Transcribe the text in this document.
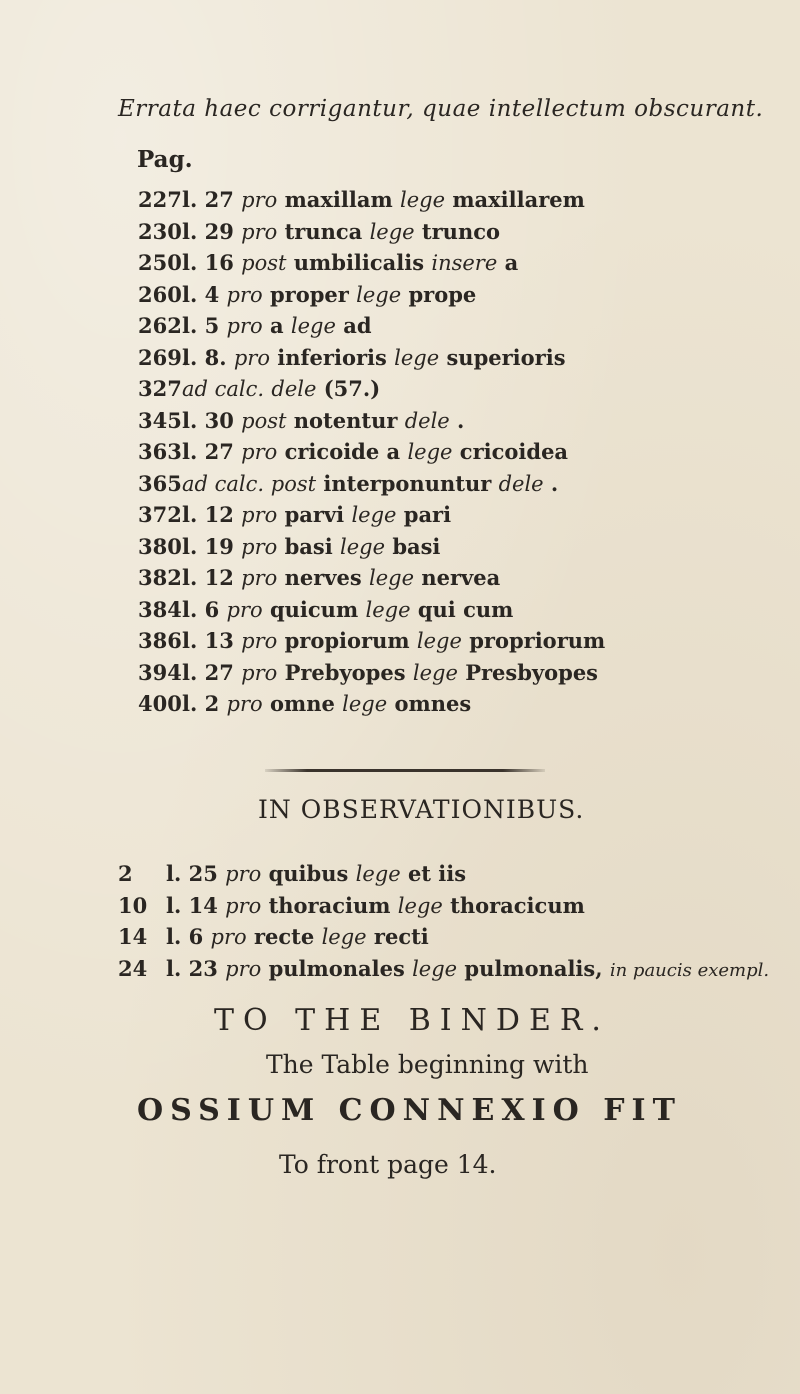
Errata haec corrigantur, quae intellectum obscurant.
Pag.
227l. 27 pro maxillam lege maxillarem
230l. 29 pro trunca lege trunco
250l. 16 post umbilicalis insere a
260l. 4 pro proper lege prope
262l. 5 pro a lege ad
269.l. 8. pro inferioris lege superioris
327ad calc. dele (57.)
345l. 30 post notentur dele .
363l. 27 pro cricoide a lege cricoidea
365ad calc. post interponuntur dele .
372l. 12 pro parvi lege pari
380l. 19 pro basi lege basi
382l. 12 pro nerves lege nervea
384l. 6 pro quicum lege qui cum
386l. 13 pro propiorum lege propriorum
394l. 27 pro Prebyopes lege Presbyopes
400l. 2 pro omne lege omnes
IN OBSERVATIONIBUS.
2 l. 25 pro quibus lege et iis
10 l. 14 pro thoracium lege thoracicum
14 l. 6 pro recte lege recti
24 l. 23 pro pulmonales lege pulmonalis, in paucis exempl.
TO THE BINDER.
The Table beginning with
OSSIUM CONNEXIO FIT
To front page 14.
